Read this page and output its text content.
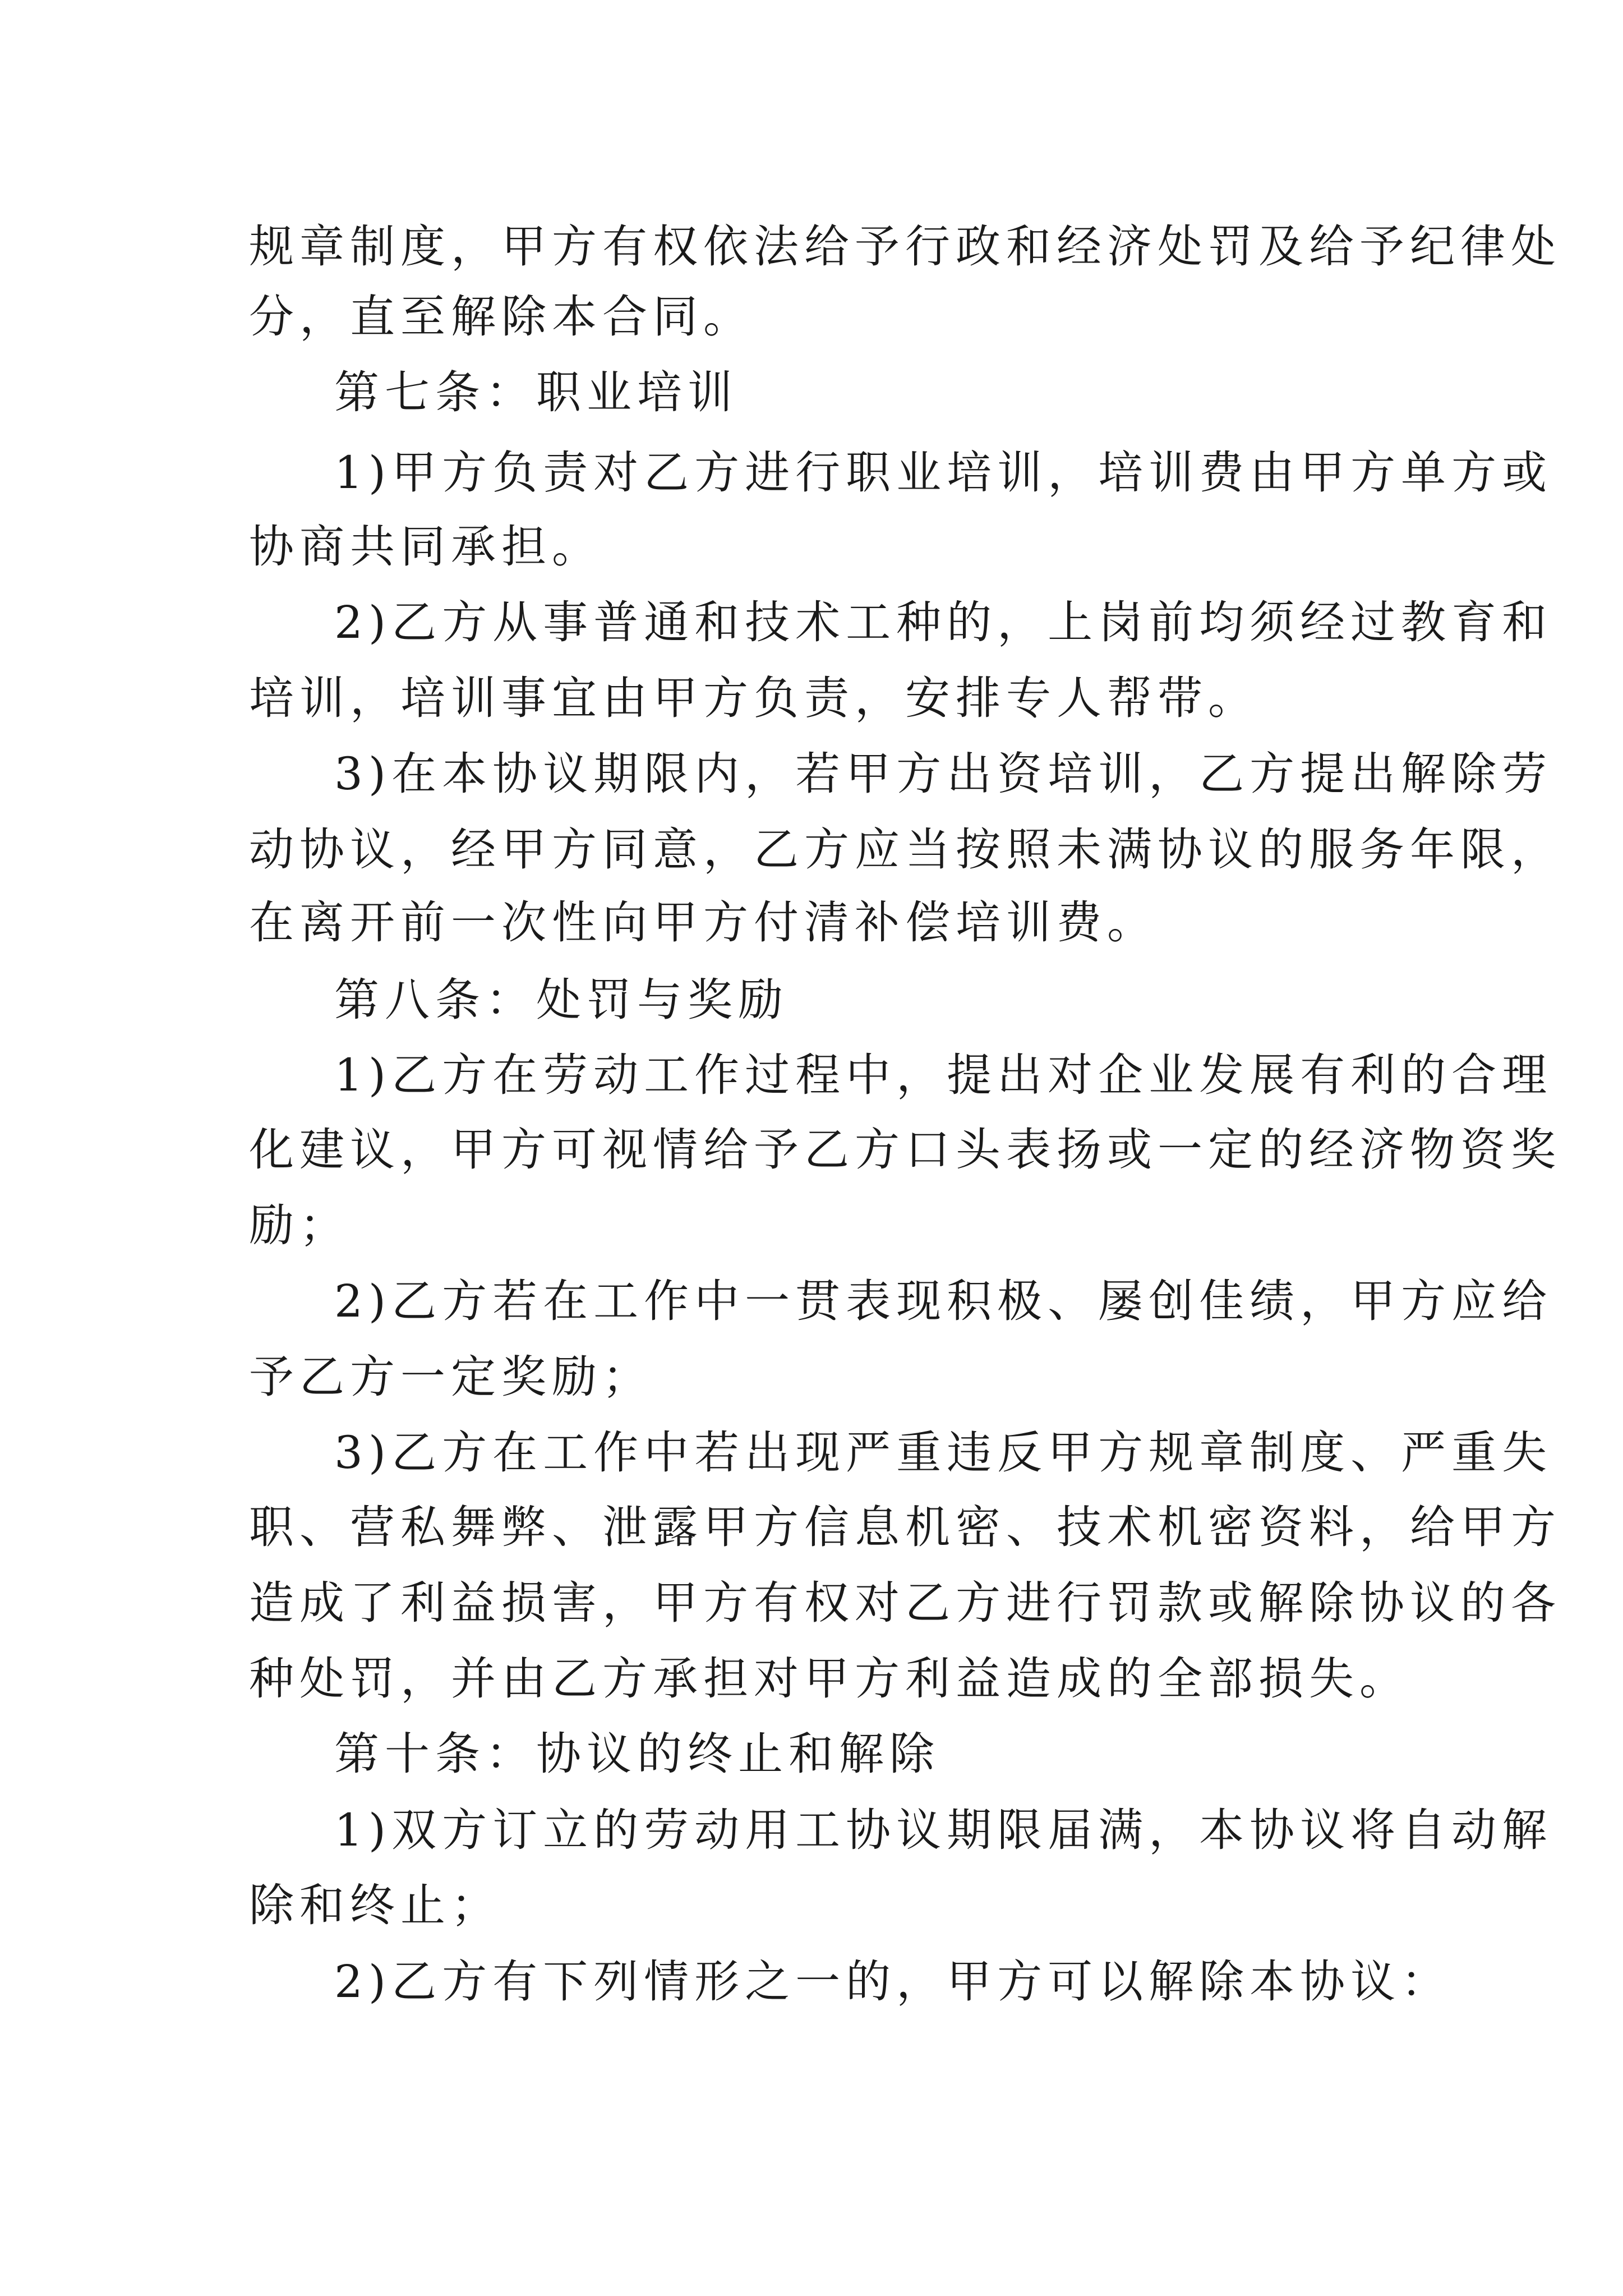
规章制度，甲方有权依法给予行政和经济处罚及给予纪律处

分，直至解除本合同。

第七条：职业培训

1)甲方负责对乙方进行职业培训，培训费由甲方单方或

协商共同承担。

2)乙方从事普通和技术工种的，上岗前均须经过教育和

培训，培训事宜由甲方负责，安排专人帮带。

3)在本协议期限内，若甲方出资培训，乙方提出解除劳

动协议，经甲方同意，乙方应当按照未满协议的服务年限，

在离开前一次性向甲方付清补偿培训费。

第八条：处罚与奖励

1)乙方在劳动工作过程中，提出对企业发展有利的合理

化建议，甲方可视情给予乙方口头表扬或一定的经济物资奖

励；

2)乙方若在工作中一贯表现积极、屡创佳绩，甲方应给

予乙方一定奖励；

3)乙方在工作中若出现严重违反甲方规章制度、严重失

职、营私舞弊、泄露甲方信息机密、技术机密资料，给甲方

造成了利益损害，甲方有权对乙方进行罚款或解除协议的各

种处罚，并由乙方承担对甲方利益造成的全部损失。

第十条：协议的终止和解除

1)双方订立的劳动用工协议期限届满，本协议将自动解

除和终止；

2)乙方有下列情形之一的，甲方可以解除本协议：
